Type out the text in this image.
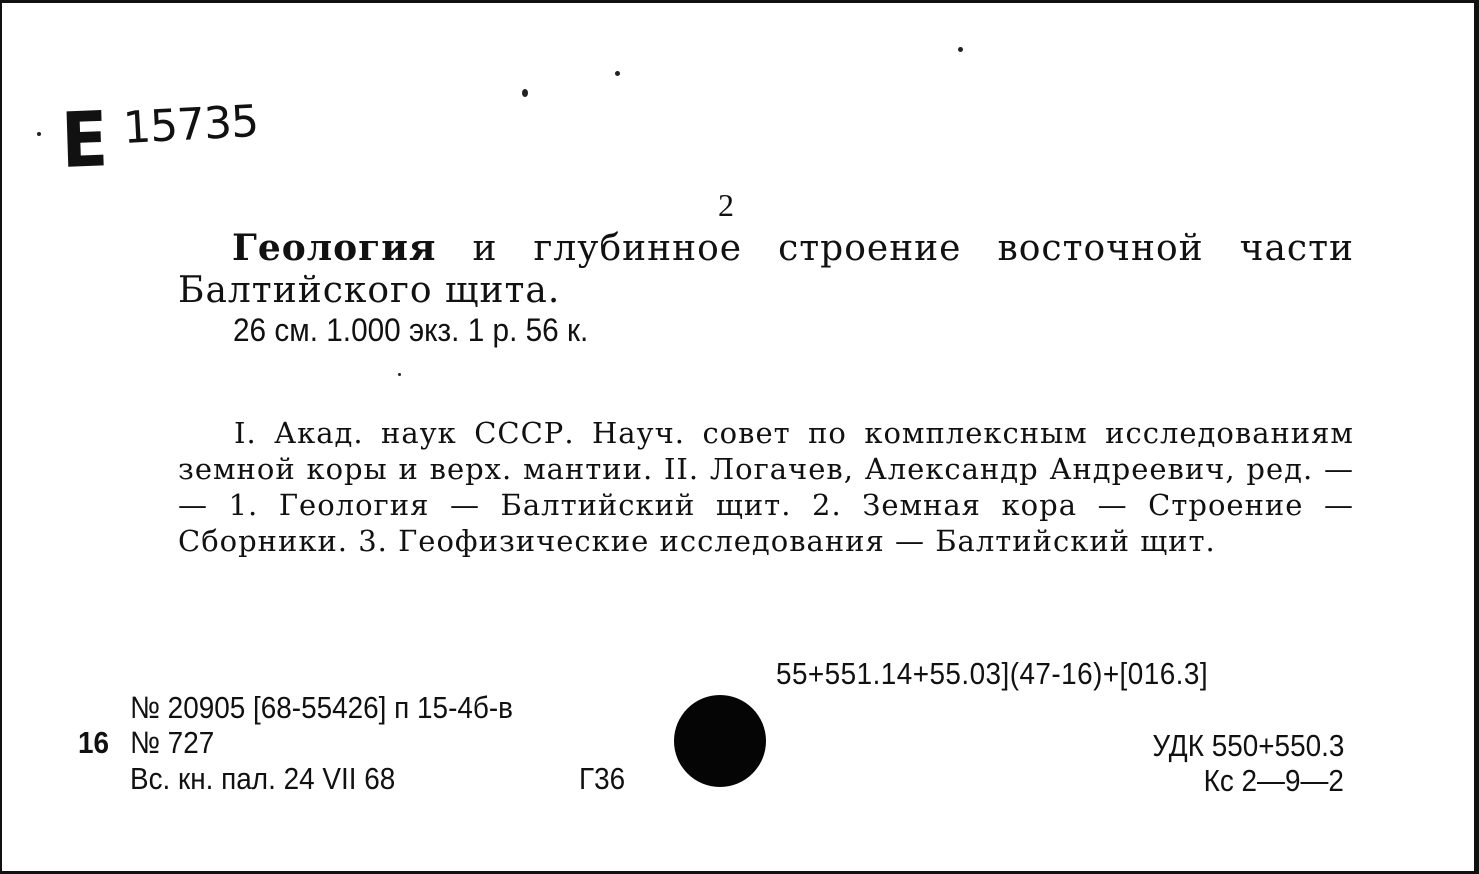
E 15735
2
Геология и глубинное строение восточной части Балтийского щита.
26 см. 1.000 экз. 1 р. 56 к.
I. Акад. наук СССР. Науч. совет по комплексным исследованиям земной коры и верх. мантии. II. Логачев, Александр Андреевич, ред. — — 1. Геология — Балтийский щит. 2. Земная кора — Строение — Сборники. 3. Геофизические исследования — Балтийский щит.
55+551.14+55.03](47-16)+[016.3]
№ 20905 [68-55426] п 15-4б-в
16 № 727
Вс. кн. пал. 24 VII 68	Г36
УДК 550+550.3
Кс 2—9—2
